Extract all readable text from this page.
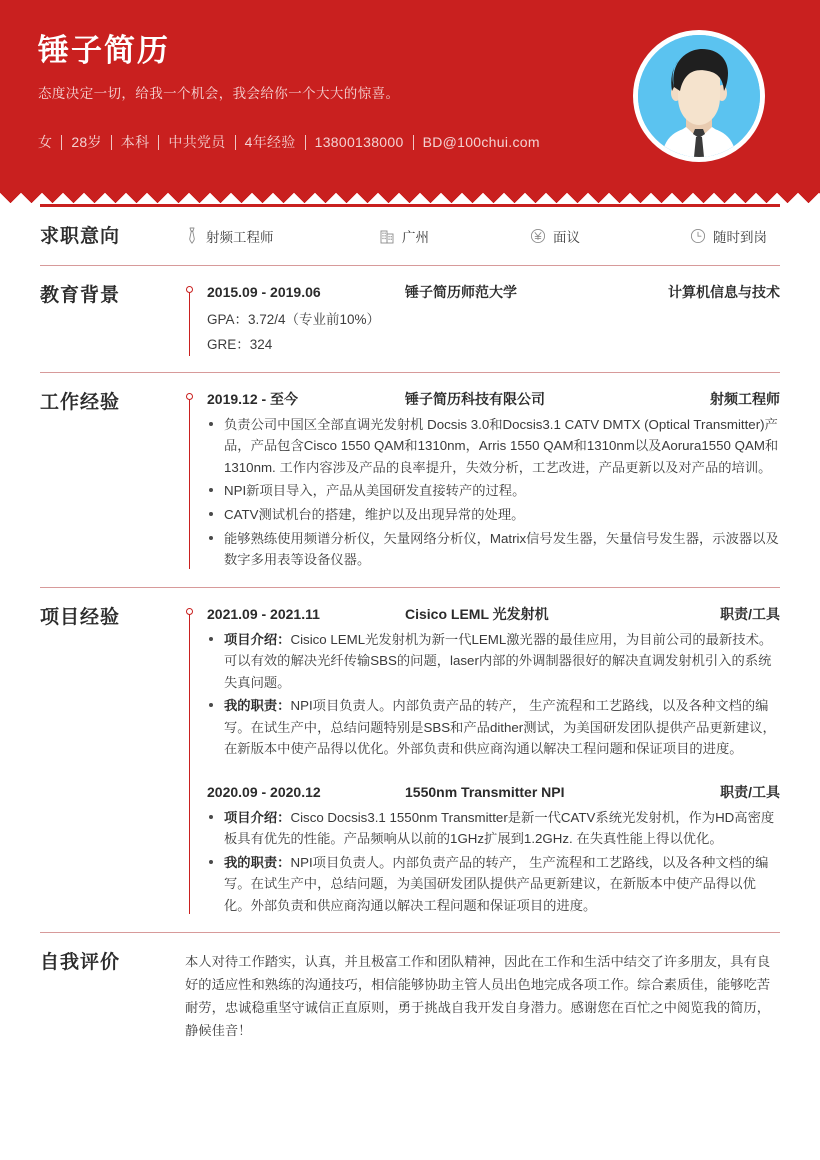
锤子简历
态度决定一切，给我一个机会，我会给你一个大大的惊喜。
女 28岁 本科 中共党员 4年经验 13800138000 BD@100chui.com
求职意向	射频工程师	广州	面议	随时到岗
教育背景	2015.09 - 2019.06	锤子简历师范大学	计算机信息与技术
GPA：3.72/4（专业前10%）
GRE：324
工作经验	2019.12 - 至今	锤子简历科技有限公司	射频工程师
负责公司中国区全部直调光发射机 Docsis 3.0和Docsis3.1 CATV DMTX (Optical Transmitter)产品，产品包含Cisco 1550 QAM和1310nm，Arris 1550 QAM和1310nm以及Aorura1550 QAM和1310nm. 工作内容涉及产品的良率提升，失效分析，工艺改进，产品更新以及对产品的培训。
NPI新项目导入，产品从美国研发直接转产的过程。
CATV测试机台的搭建，维护以及出现异常的处理。
能够熟练使用频谱分析仪，矢量网络分析仪，Matrix信号发生器，矢量信号发生器，示波器以及数字多用表等设备仪器。
项目经验	2021.09 - 2021.11	Cisico LEML 光发射机	职责/工具
项目介绍：Cisico LEML光发射机为新一代LEML激光器的最佳应用，为目前公司的最新技术。可以有效的解决光纤传输SBS的问题，laser内部的外调制器很好的解决直调发射机引入的系统失真问题。
我的职责：NPI项目负责人。内部负责产品的转产， 生产流程和工艺路线，以及各种文档的编写。在试生产中，总结问题特别是SBS和产品dither测试，为美国研发团队提供产品更新建议，在新版本中使产品得以优化。外部负责和供应商沟通以解决工程问题和保证项目的进度。
2020.09 - 2020.12	1550nm Transmitter NPI	职责/工具
项目介绍：Cisco Docsis3.1 1550nm Transmitter是新一代CATV系统光发射机，作为HD高密度板具有优先的性能。产品频响从以前的1GHz扩展到1.2GHz. 在失真性能上得以优化。
我的职责：NPI项目负责人。内部负责产品的转产， 生产流程和工艺路线，以及各种文档的编写。在试生产中，总结问题，为美国研发团队提供产品更新建议，在新版本中使产品得以优化。外部负责和供应商沟通以解决工程问题和保证项目的进度。
自我评价	本人对待工作踏实，认真，并且极富工作和团队精神，因此在工作和生活中结交了许多朋友，具有良好的适应性和熟练的沟通技巧，相信能够协助主管人员出色地完成各项工作。综合素质佳，能够吃苦耐劳，忠诚稳重坚守诚信正直原则，勇于挑战自我开发自身潜力。感谢您在百忙之中阅览我的简历，静候佳音！
